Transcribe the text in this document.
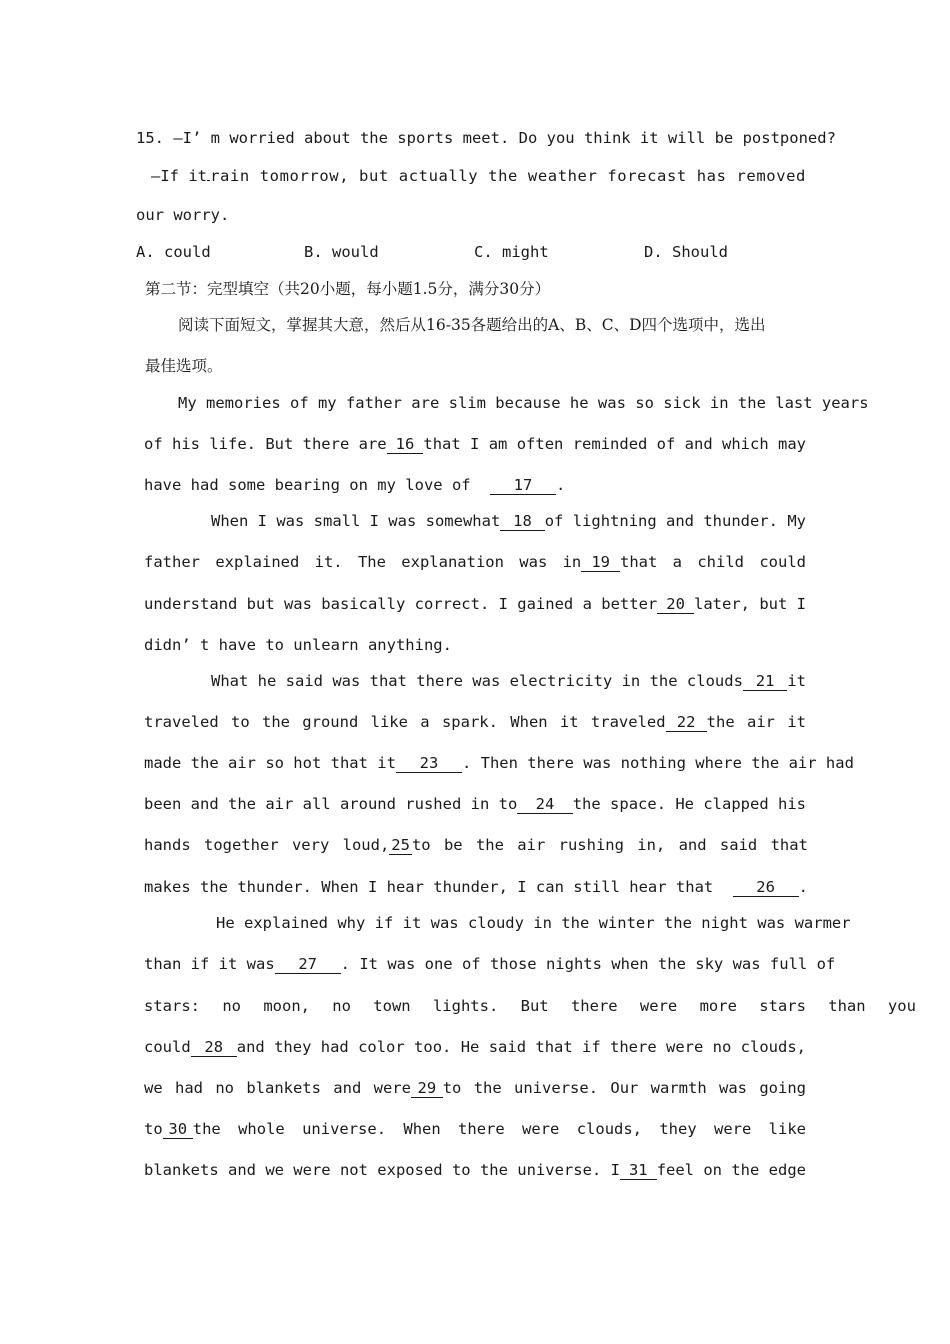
15. —I’ m worried about the sports meet. Do you think it will be postponed?
—If it rain tomorrow, but actually the weather forecast has removed
our worry.
A. could	B. would	C. might	D. Should
第二节：完型填空（共20小题，每小题1.5分，满分30分）
阅读下面短文，掌握其大意，然后从16-35各题给出的A、B、C、D四个选项中，选出
最佳选项。
My memories of my father are slim because he was so sick in the last years
of his life. But there are 16 that I am often reminded of and which may
have had some bearing on my love of	17 .
When I was small I was somewhat 18 of lightning and thunder. My
father explained it. The explanation was in 19 that a child could
understand but was basically correct. I gained a better 20 later, but I
didn’ t have to unlearn anything.
What he said was that there was electricity in the clouds 21 it
traveled to the ground like a spark. When it traveled 22 the air it
made the air so hot that it	23	. Then there was nothing where the air had
been and the air all around rushed in to	24	the space. He clapped his
hands together very loud, 25 to be the air rushing in, and said that
makes the thunder. When I hear thunder, I can still hear that	26 .
He explained why if it was cloudy in the winter the night was warmer
than if it was	27	. It was one of those nights when the sky was full of
stars: no moon, no town lights. But there were more stars than you
could 28 and they had color too. He said that if there were no clouds,
we had no blankets and were 29 to the universe. Our warmth was going
to 30 the whole universe. When there were clouds, they were like
blankets and we were not exposed to the universe. I 31 feel on the edge
